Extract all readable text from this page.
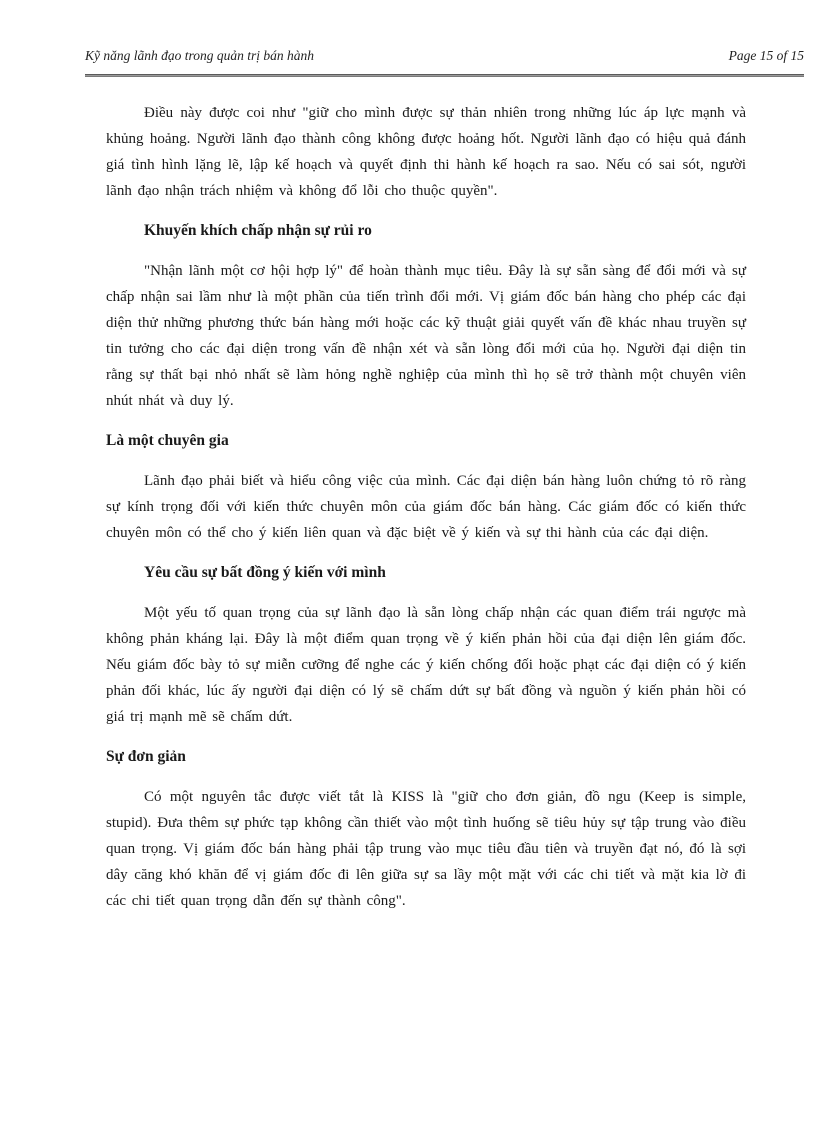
Kỹ năng lãnh đạo trong quản trị bán hành	Page 15 of 15

Điều này được coi như "giữ cho mình được sự thản nhiên trong những lúc áp lực mạnh và khủng hoảng. Người lãnh đạo thành công không được hoảng hốt. Người lãnh đạo có hiệu quả đánh giá tình hình lặng lẽ, lập kế hoạch và quyết định thi hành kế hoạch ra sao. Nếu có sai sót, người lãnh đạo nhận trách nhiệm và không đổ lỗi cho thuộc quyền".

Khuyến khích chấp nhận sự rủi ro

"Nhận lãnh một cơ hội hợp lý" để hoàn thành mục tiêu. Đây là sự sẵn sàng để đổi mới và sự chấp nhận sai lầm như là một phần của tiến trình đổi mới. Vị giám đốc bán hàng cho phép các đại diện thử những phương thức bán hàng mới hoặc các kỹ thuật giải quyết vấn đề khác nhau truyền sự tin tưởng cho các đại diện trong vấn đề nhận xét và sẵn lòng đổi mới của họ. Người đại diện tin rằng sự thất bại nhỏ nhất sẽ làm hỏng nghề nghiệp của mình thì họ sẽ trở thành một chuyên viên nhút nhát và duy lý.

Là một chuyên gia

Lãnh đạo phải biết và hiểu công việc của mình. Các đại diện bán hàng luôn chứng tỏ rõ ràng sự kính trọng đối với kiến thức chuyên môn của giám đốc bán hàng. Các giám đốc có kiến thức chuyên môn có thể cho ý kiến liên quan và đặc biệt về ý kiến và sự thi hành của các đại diện.

Yêu cầu sự bất đồng ý kiến với mình

Một yếu tố quan trọng của sự lãnh đạo là sẵn lòng chấp nhận các quan điểm trái ngược mà không phản kháng lại. Đây là một điểm quan trọng về ý kiến phản hồi của đại diện lên giám đốc. Nếu giám đốc bày tỏ sự miễn cưỡng để nghe các ý kiến chống đối hoặc phạt các đại diện có ý kiến phản đối khác, lúc ấy người đại diện có lý sẽ chấm dứt sự bất đồng và nguồn ý kiến phản hồi có giá trị mạnh mẽ sẽ chấm dứt.

Sự đơn giản

Có một nguyên tắc được viết tắt là KISS là "giữ cho đơn giản, đồ ngu (Keep is simple, stupid). Đưa thêm sự phức tạp không cần thiết vào một tình huống sẽ tiêu hủy sự tập trung vào điều quan trọng. Vị giám đốc bán hàng phải tập trung vào mục tiêu đầu tiên và truyền đạt nó, đó là sợi dây căng khó khăn để vị giám đốc đi lên giữa sự sa lầy một mặt với các chi tiết và mặt kia lờ đi các chi tiết quan trọng dẫn đến sự thành công".
